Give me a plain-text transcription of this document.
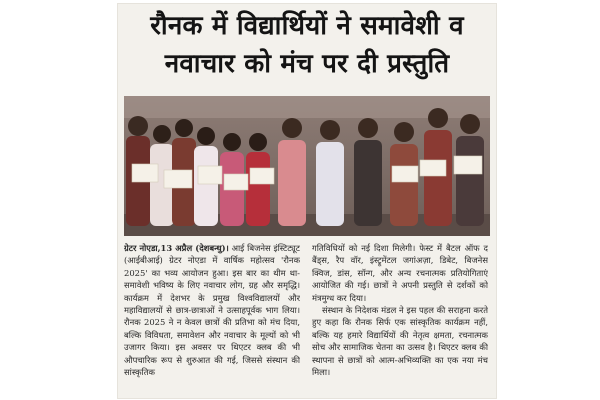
रौनक में विद्यार्थियों ने समावेशी व
नवाचार को मंच पर दी प्रस्तुति

ग्रेटर नोएडा,13 अप्रैल (देशबन्धु)। आई बिजनेस इंस्टिट्यूट (आईबीआई) ग्रेटर नोएडा में वार्षिक महोत्सव 'रौनक 2025' का भव्य आयोजन हुआ। इस बार का थीम था- समावेशी भविष्य के लिए नवाचार लोग, ग्रह और समृद्धि। कार्यक्रम में देशभर के प्रमुख विश्वविद्यालयों और महाविद्यालयों से छात्र-छात्राओं ने उत्साहपूर्वक भाग लिया। रौनक 2025 ने न केवल छात्रों की प्रतिभा को मंच दिया, बल्कि विविधता, समावेशन और नवाचार के मूल्यों को भी उजागर किया। इस अवसर पर थिएटर क्लब की भी औपचारिक रूप से शुरुआत की गई, जिससे संस्थान की सांस्कृतिक

गतिविधियों को नई दिशा मिलेगी। फेस्ट में बैटल ऑफ द बैंड्स, रैप वॉर, इंस्ट्रूमेंटल जगांअज़ा, डिबेट, बिजनेस क्विज, डांस, सॉन्ग, और अन्य रचनात्मक प्रतियोगिताएं आयोजित की गई। छात्रों ने अपनी प्रस्तुति से दर्शकों को मंत्रमुग्ध कर दिया।

संस्थान के निदेशक मंडल ने इस पहल की सराहना करते हुए कहा कि रौनक सिर्फ एक सांस्कृतिक कार्यक्रम नहीं, बल्कि यह हमारे विद्यार्थियों की नेतृत्व क्षमता, रचनात्मक सोच और सामाजिक चेतना का उत्सव है। थिएटर क्लब की स्थापना से छात्रों को आत्म-अभिव्यक्ति का एक नया मंच मिला।
